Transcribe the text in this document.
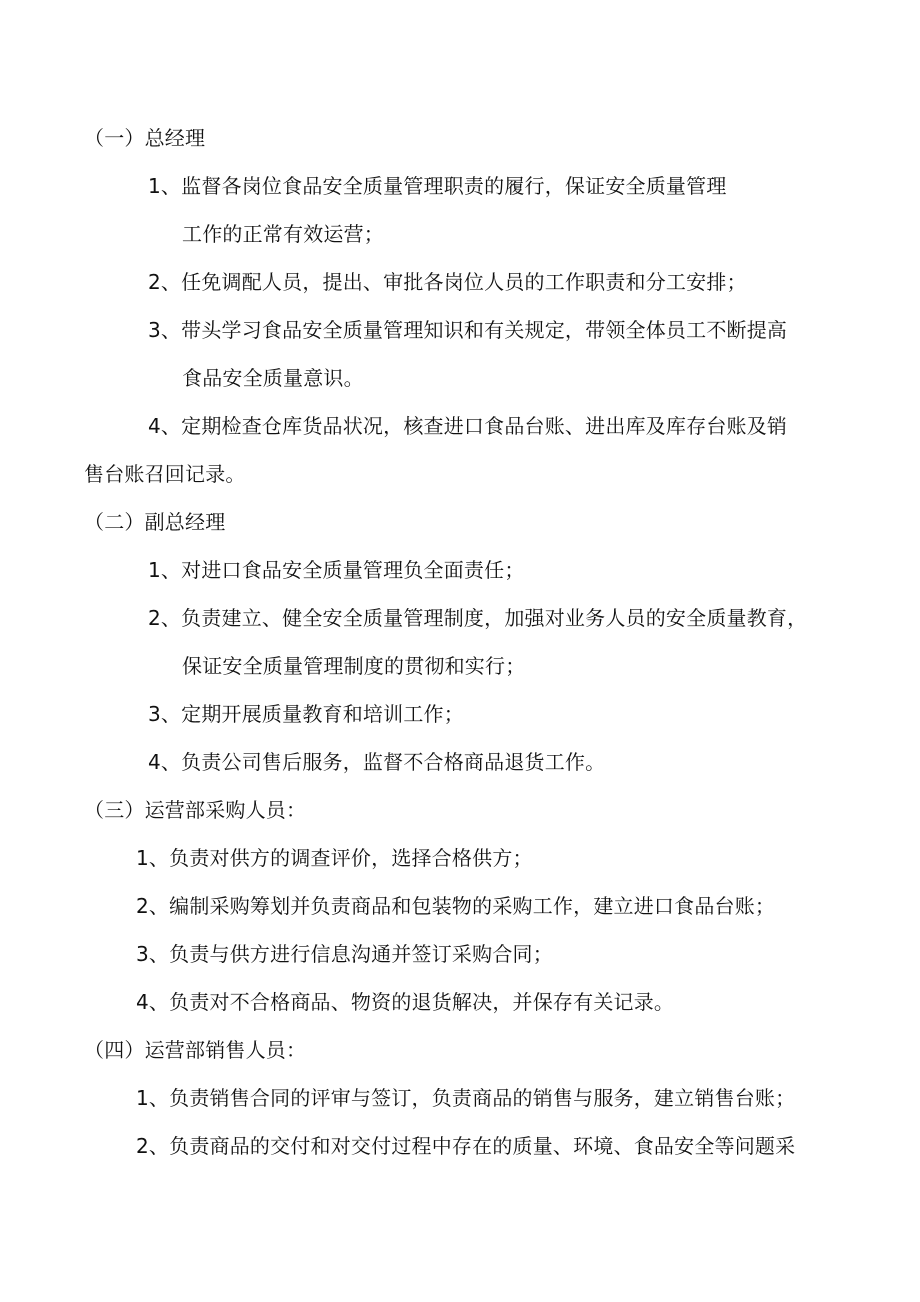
（一）总经理
1、监督各岗位食品安全质量管理职责的履行，保证安全质量管理
工作的正常有效运营；
2、任免调配人员，提出、审批各岗位人员的工作职责和分工安排；
3、带头学习食品安全质量管理知识和有关规定，带领全体员工不断提高
食品安全质量意识。
4、定期检查仓库货品状况，核查进口食品台账、进出库及库存台账及销
售台账召回记录。
（二）副总经理
1、对进口食品安全质量管理负全面责任；
2、负责建立、健全安全质量管理制度，加强对业务人员的安全质量教育，
保证安全质量管理制度的贯彻和实行；
3、定期开展质量教育和培训工作；
4、负责公司售后服务，监督不合格商品退货工作。
（三）运营部采购人员：
1、负责对供方的调查评价，选择合格供方；
2、编制采购筹划并负责商品和包装物的采购工作，建立进口食品台账；
3、负责与供方进行信息沟通并签订采购合同；
4、负责对不合格商品、物资的退货解决，并保存有关记录。
（四）运营部销售人员：
1、负责销售合同的评审与签订，负责商品的销售与服务，建立销售台账；
2、负责商品的交付和对交付过程中存在的质量、环境、食品安全等问题采
